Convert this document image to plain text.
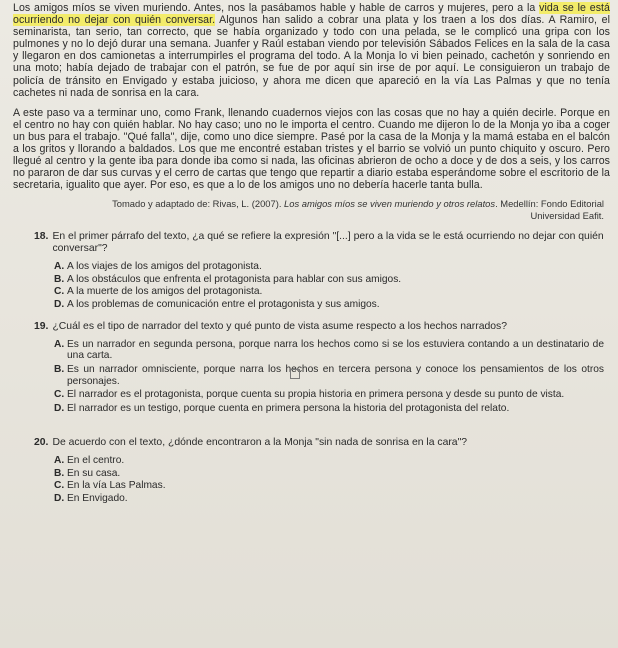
Los amigos míos se viven muriendo. Antes, nos la pasábamos hable y hable de carros y mujeres, pero a la vida se le está ocurriendo no dejar con quién conversar. Algunos han salido a cobrar una plata y los traen a los dos días. A Ramiro, el seminarista, tan serio, tan correcto, que se había organizado y todo con una pelada, se le complicó una gripa con los pulmones y no lo dejó durar una semana. Juanfer y Raúl estaban viendo por televisión Sábados Felices en la sala de la casa y llegaron en dos camionetas a interrumpirles el programa del todo. A la Monja lo vi bien peinado, cachetón y sonriendo en una moto; había dejado de trabajar con el patrón, se fue de por aquí sin irse de por aquí. Le consiguieron un trabajo de policía de tránsito en Envigado y estaba juicioso, y ahora me dicen que apareció en la vía Las Palmas y que no tenía cachetes ni nada de sonrisa en la cara.

A este paso va a terminar uno, como Frank, llenando cuadernos viejos con las cosas que no hay a quién decirle. Porque en el centro no hay con quién hablar. No hay caso; uno no le importa el centro. Cuando me dijeron lo de la Monja yo iba a coger un bus para el trabajo. "Qué falla", dije, como uno dice siempre. Pasé por la casa de la Monja y la mamá estaba en el balcón a los gritos y llorando a baldados. Los que me encontré estaban tristes y el barrio se volvió un punto chiquito y oscuro. Pero llegué al centro y la gente iba para donde iba como si nada, las oficinas abrieron de ocho a doce y de dos a seis, y los carros no pararon de dar sus curvas y el cerro de cartas que tengo que repartir a diario estaba esperándome sobre el escritorio de la secretaria, igualito que ayer. Por eso, es que a lo de los amigos uno no debería hacerle tanta bulla.

Tomado y adaptado de: Rivas, L. (2007). Los amigos míos se viven muriendo y otros relatos. Medellín: Fondo Editorial
Universidad Eafit.
18. En el primer párrafo del texto, ¿a qué se refiere la expresión "[...] pero a la vida se le está ocurriendo no dejar con quién conversar"?
A. A los viajes de los amigos del protagonista.
B. A los obstáculos que enfrenta el protagonista para hablar con sus amigos.
C. A la muerte de los amigos del protagonista.
D. A los problemas de comunicación entre el protagonista y sus amigos.
19. ¿Cuál es el tipo de narrador del texto y qué punto de vista asume respecto a los hechos narrados?
A. Es un narrador en segunda persona, porque narra los hechos como si se los estuviera contando a un destinatario de una carta.
B. Es un narrador omnisciente, porque narra los hechos en tercera persona y conoce los pensamientos de los otros personajes.
C. El narrador es el protagonista, porque cuenta su propia historia en primera persona y desde su punto de vista.
D. El narrador es un testigo, porque cuenta en primera persona la historia del protagonista del relato.
20. De acuerdo con el texto, ¿dónde encontraron a la Monja "sin nada de sonrisa en la cara"?
A. En el centro.
B. En su casa.
C. En la vía Las Palmas.
D. En Envigado.
